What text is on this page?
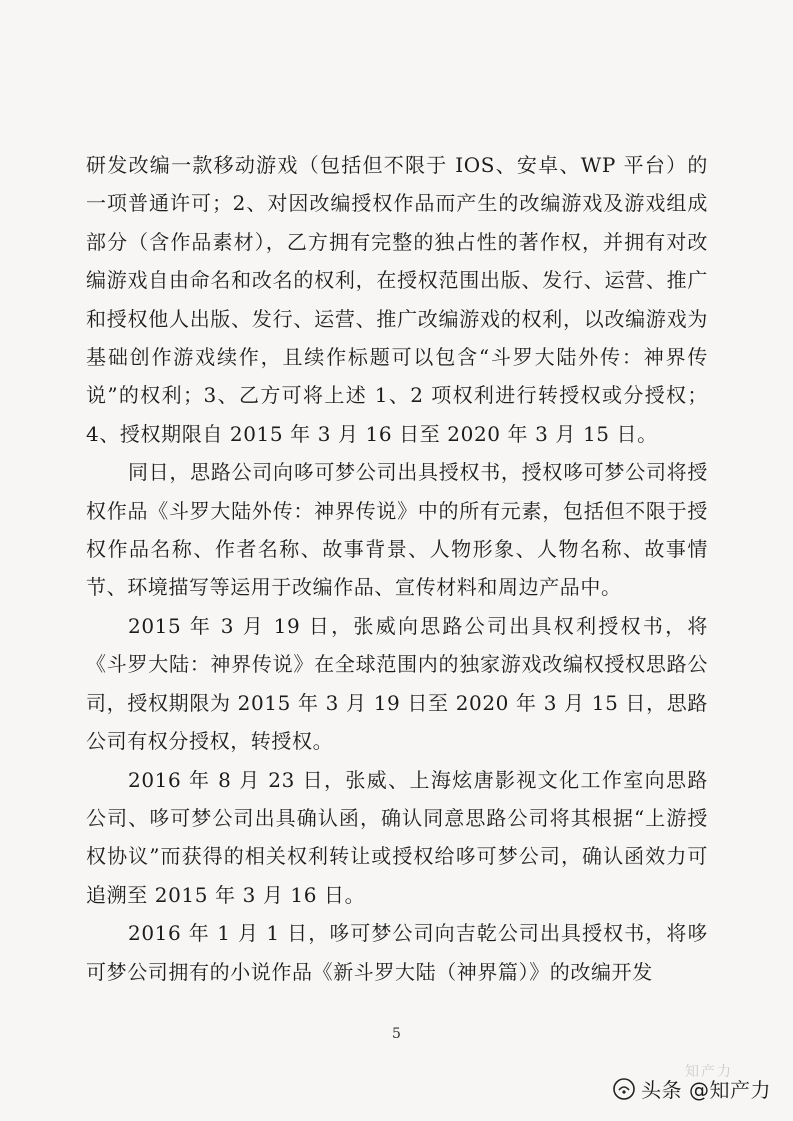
研发改编一款移动游戏（包括但不限于 IOS、安卓、WP 平台）的一项普通许可；2、对因改编授权作品而产生的改编游戏及游戏组成部分（含作品素材），乙方拥有完整的独占性的著作权，并拥有对改编游戏自由命名和改名的权利，在授权范围出版、发行、运营、推广和授权他人出版、发行、运营、推广改编游戏的权利，以改编游戏为基础创作游戏续作，且续作标题可以包含“斗罗大陆外传：神界传说”的权利；3、乙方可将上述 1、2 项权利进行转授权或分授权；4、授权期限自 2015 年 3 月 16 日至 2020 年 3 月 15 日。

同日，思路公司向哆可梦公司出具授权书，授权哆可梦公司将授权作品《斗罗大陆外传：神界传说》中的所有元素，包括但不限于授权作品名称、作者名称、故事背景、人物形象、人物名称、故事情节、环境描写等运用于改编作品、宣传材料和周边产品中。

2015 年 3 月 19 日，张威向思路公司出具权利授权书，将《斗罗大陆：神界传说》在全球范围内的独家游戏改编权授权思路公司，授权期限为 2015 年 3 月 19 日至 2020 年 3 月 15 日，思路公司有权分授权，转授权。

2016 年 8 月 23 日，张威、上海炫唐影视文化工作室向思路公司、哆可梦公司出具确认函，确认同意思路公司将其根据“上游授权协议”而获得的相关权利转让或授权给哆可梦公司，确认函效力可追溯至 2015 年 3 月 16 日。

2016 年 1 月 1 日，哆可梦公司向吉乾公司出具授权书，将哆可梦公司拥有的小说作品《新斗罗大陆（神界篇）》的改编开发

5
知产力
头条 @知产力
